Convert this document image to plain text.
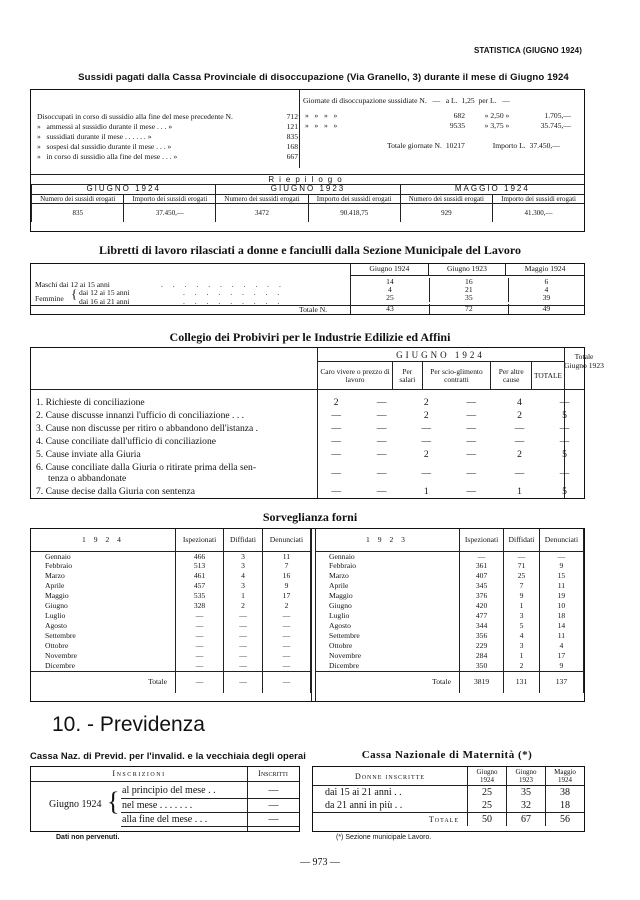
STATISTICA (GIUGNO 1924)
Sussidi pagati dalla Cassa Provinciale di disoccupazione (Via Granello, 3) durante il mese di Giugno 1924
Disoccupati in corso di sussidio alla fine del mese precedente N.	712
»   ammessi al sussidio durante il mese . . . »	121
»   sussidiati durante il mese . . . . . . »	835
»   sospesi dal sussidio durante il mese . . . »	168
»   in corso di sussidio alla fine del mese . . . »	667
Giornate di disoccupazione sussidiate N.   —   a L.  1,25  per L.   —
»   »   »   »	682	» 2,50 »	1.705,—
»   »   »   »	9535	» 3,75 »	35.745,—
Totale giornate N. 10217	Importo L. 37.450,—
Riepilogo
GIUGNO 1924		GIUGNO 1923		MAGGIO 1924	
Numero dei sussidi erogati	Importo dei sussidi erogati	Numero dei sussidi erogati	Importo dei sussidi erogati	Numero dei sussidi erogati	Importo dei sussidi erogati
835	37.450,—	3472	90.418,75	929	41.300,—
Libretti di lavoro rilasciati a donne e fanciulli dalla Sezione Municipale del Lavoro
Giugno 1924	Giugno 1923	Maggio 1924
Maschi dai 12 ai 15 anni
Femmine { dai 12 ai 15 anni
dai 16 ai 21 anni
. . . . . . . . . . .
. . . . . . . . .
. . . . . . . . .
14	16	6
4	21	4
25	35	39
Totale N.	43	72	49
Collegio dei Probiviri per le Industrie Edilizie ed Affini
GIUGNO 1924
Caro vivere o prezzo di lavoro	Per salari	Per scio-glimento contratti	Per altre cause	TOTALE
Totale Giugno 1923
1. Richieste di conciliazione	2	—	2	—	4	—
2. Cause discusse innanzi l'ufficio di conciliazione . . .	—	—	2	—	2	5
3. Cause non discusse per ritiro o abbandono dell'istanza .	—	—	—	—	—	—
4. Cause conciliate dall'ufficio di conciliazione	—	—	—	—	—	—
5. Cause inviate alla Giuria	—	—	2	—	2	5
6. Cause conciliate dalla Giuria o ritirate prima della sen-
tenza o abbandonate	—	—	—	—	—	—
7. Cause decise dalla Giuria con sentenza	—	—	1	—	1	5
Sorveglianza forni
1 9 2 4	Ispezionati	Diffidati	Denunciati
Gennaio	466	3	11
Febbraio	513	3	7
Marzo	461	4	16
Aprile	457	3	9
Maggio	535	1	17
Giugno	328	2	2
Luglio	—	—	—
Agosto	—	—	—
Settembre	—	—	—
Ottobre	—	—	—
Novembre	—	—	—
Dicembre	—	—	—
Totale	—	—	—
1 9 2 3	Ispezionati	Diffidati	Denunciati
Gennaio	—	—	—
Febbraio	361	71	9
Marzo	407	25	15
Aprile	345	7	11
Maggio	376	9	19
Giugno	420	1	10
Luglio	477	3	18
Agosto	344	5	14
Settembre	356	4	11
Ottobre	229	3	4
Novembre	284	1	17
Dicembre	350	2	9
Totale	3819	131	137
10. - Previdenza
Cassa Naz. di Previd. per l'invalid. e la vecchiaia degli operai
Inscrizioni	Inscritti
Giugno 1924 { al principio del mese . .	—
nel mese . . . . . . .	—
alla fine del mese . . .	—
Dati non pervenuti.
Cassa Nazionale di Maternità (*)
Donne inscritte	Giugno 1924	Giugno 1923	Maggio 1924
dai 15 ai 21 anni . .	25	35	38
da 21 anni in più . .	25	32	18
Totale	50	67	56
(*) Sezione municipale Lavoro.
— 973 —
